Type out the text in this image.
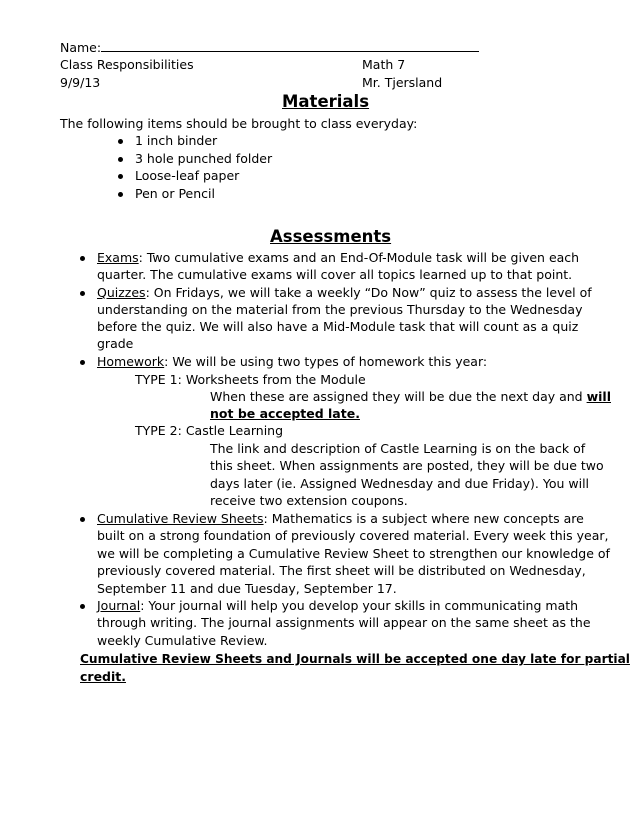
Name:
Class Responsibilities	Math 7
9/9/13	Mr. Tjersland
Materials
The following items should be brought to class everyday:
1 inch binder
3 hole punched folder
Loose-leaf paper
Pen or Pencil
Assessments
Exams: Two cumulative exams and an End-Of-Module task will be given each
quarter. The cumulative exams will cover all topics learned up to that point.
Quizzes: On Fridays, we will take a weekly “Do Now” quiz to assess the level of
understanding on the material from the previous Thursday to the Wednesday
before the quiz. We will also have a Mid-Module task that will count as a quiz
grade
Homework: We will be using two types of homework this year:
TYPE 1: Worksheets from the Module
When these are assigned they will be due the next day and will
not be accepted late.
TYPE 2: Castle Learning
The link and description of Castle Learning is on the back of
this sheet. When assignments are posted, they will be due two
days later (ie. Assigned Wednesday and due Friday). You will
receive two extension coupons.
Cumulative Review Sheets: Mathematics is a subject where new concepts are
built on a strong foundation of previously covered material. Every week this year,
we will be completing a Cumulative Review Sheet to strengthen our knowledge of
previously covered material. The first sheet will be distributed on Wednesday,
September 11 and due Tuesday, September 17.
Journal: Your journal will help you develop your skills in communicating math
through writing. The journal assignments will appear on the same sheet as the
weekly Cumulative Review.
Cumulative Review Sheets and Journals will be accepted one day late for partial
credit.
